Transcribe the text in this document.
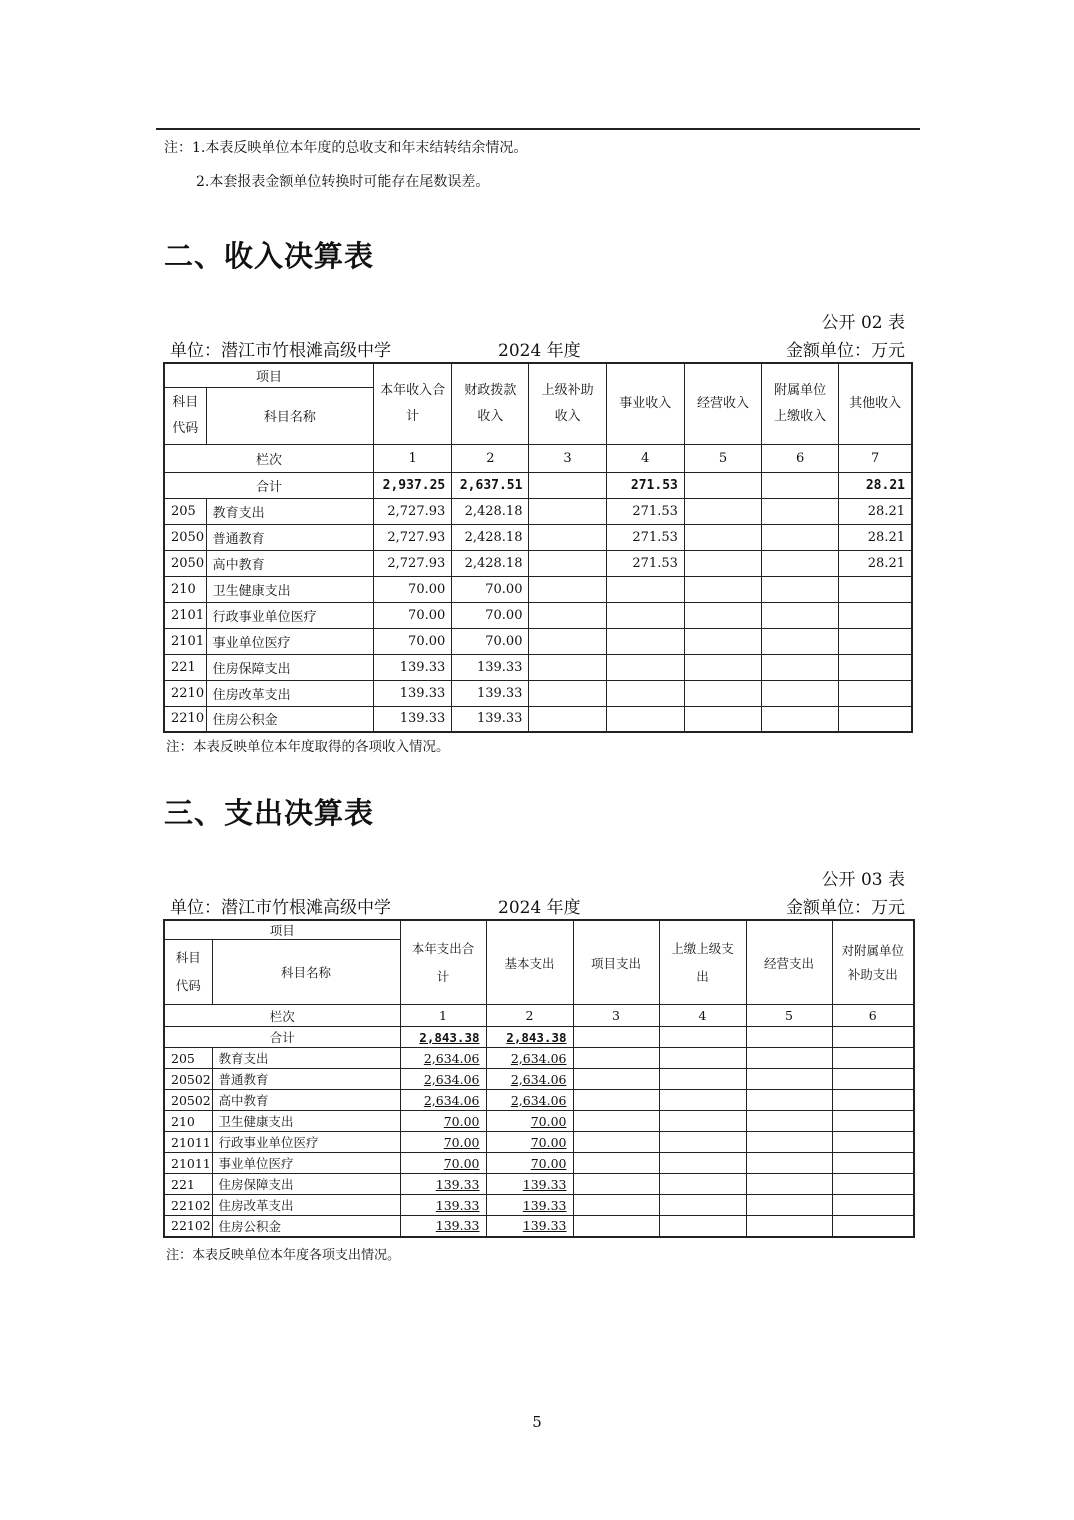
注：1.本表反映单位本年度的总收支和年末结转结余情况。
2.本套报表金额单位转换时可能存在尾数误差。
二、收入决算表
公开 02 表
单位：潜江市竹根滩高级中学	2024 年度	金额单位：万元
项目		本年收入合计	财政拨款收入	上级补助收入	事业收入	经营收入	附属单位上缴收入	其他收入
科目代码	科目名称							
栏次		1	2	3	4	5	6	7
合计		2,937.25	2,637.51		271.53			28.21
205	教育支出	2,727.93	2,428.18		271.53			28.21
2050	普通教育	2,727.93	2,428.18		271.53			28.21
2050	高中教育	2,727.93	2,428.18		271.53			28.21
210	卫生健康支出	70.00	70.00					
2101	行政事业单位医疗	70.00	70.00					
2101	事业单位医疗	70.00	70.00					
221	住房保障支出	139.33	139.33					
2210	住房改革支出	139.33	139.33					
2210	住房公积金	139.33	139.33					
注：本表反映单位本年度取得的各项收入情况。
三、支出决算表
公开 03 表
单位：潜江市竹根滩高级中学	2024 年度	金额单位：万元
项目		本年支出合计	基本支出	项目支出	上缴上级支出	经营支出	对附属单位补助支出
科目代码	科目名称						
栏次		1	2	3	4	5	6
合计		2,843.38	2,843.38				
205	教育支出	2,634.06	2,634.06				
20502	普通教育	2,634.06	2,634.06				
20502	高中教育	2,634.06	2,634.06				
210	卫生健康支出	70.00	70.00				
21011	行政事业单位医疗	70.00	70.00				
21011	事业单位医疗	70.00	70.00				
221	住房保障支出	139.33	139.33				
22102	住房改革支出	139.33	139.33				
22102	住房公积金	139.33	139.33				
注：本表反映单位本年度各项支出情况。
5
